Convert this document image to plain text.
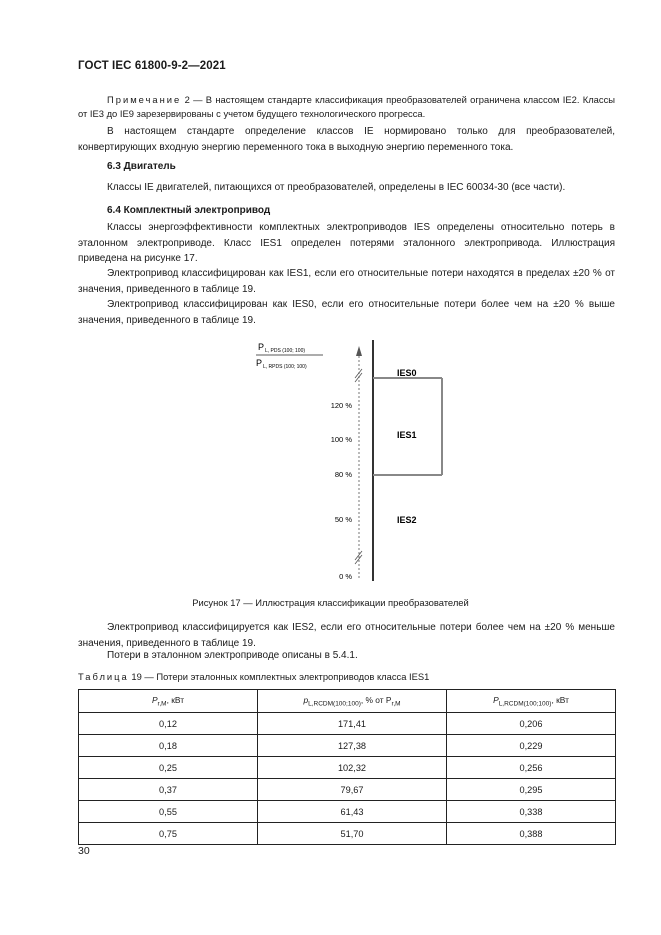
ГОСТ IEC 61800-9-2—2021
Примечание 2 — В настоящем стандарте классификация преобразователей ограничена классом IE2. Классы от IE3 до IE9 зарезервированы с учетом будущего технологического прогресса.
В настоящем стандарте определение классов IE нормировано только для преобразователей, конвертирующих входную энергию переменного тока в выходную энергию переменного тока.
6.3 Двигатель
Классы IE двигателей, питающихся от преобразователей, определены в IEC 60034-30 (все части).
6.4 Комплектный электропривод
Классы энергоэффективности комплектных электроприводов IES определены относительно потерь в эталонном электроприводе. Класс IES1 определен потерями эталонного электропривода. Иллюстрация приведена на рисунке 17.
Электропривод классифицирован как IES1, если его относительные потери находятся в пределах ±20 % от значения, приведенного в таблице 19.
Электропривод классифицирован как IES0, если его относительные потери более чем на ±20 % выше значения, приведенного в таблице 19.
P L, PDS (100; 100)
P L, RPDS (100; 100)
120 %
100 %
80 %
50 %
0 %
IES0
IES1
IES2
Рисунок 17 — Иллюстрация классификации преобразователей
Электропривод классифицируется как IES2, если его относительные потери более чем на ±20 % меньше значения, приведенного в таблице 19.
Потери в эталонном электроприводе описаны в 5.4.1.
Таблица 19 — Потери эталонных комплектных электроприводов класса IES1
$P_{r,M}$, кВт	$p_{L,RCDM(100;100)}$, % от $P_{r,M}$	$P_{L,RCDM(100;100)}$, кВт
0,12	171,41	0,206
0,18	127,38	0,229
0,25	102,32	0,256
0,37	79,67	0,295
0,55	61,43	0,338
0,75	51,70	0,388
30
